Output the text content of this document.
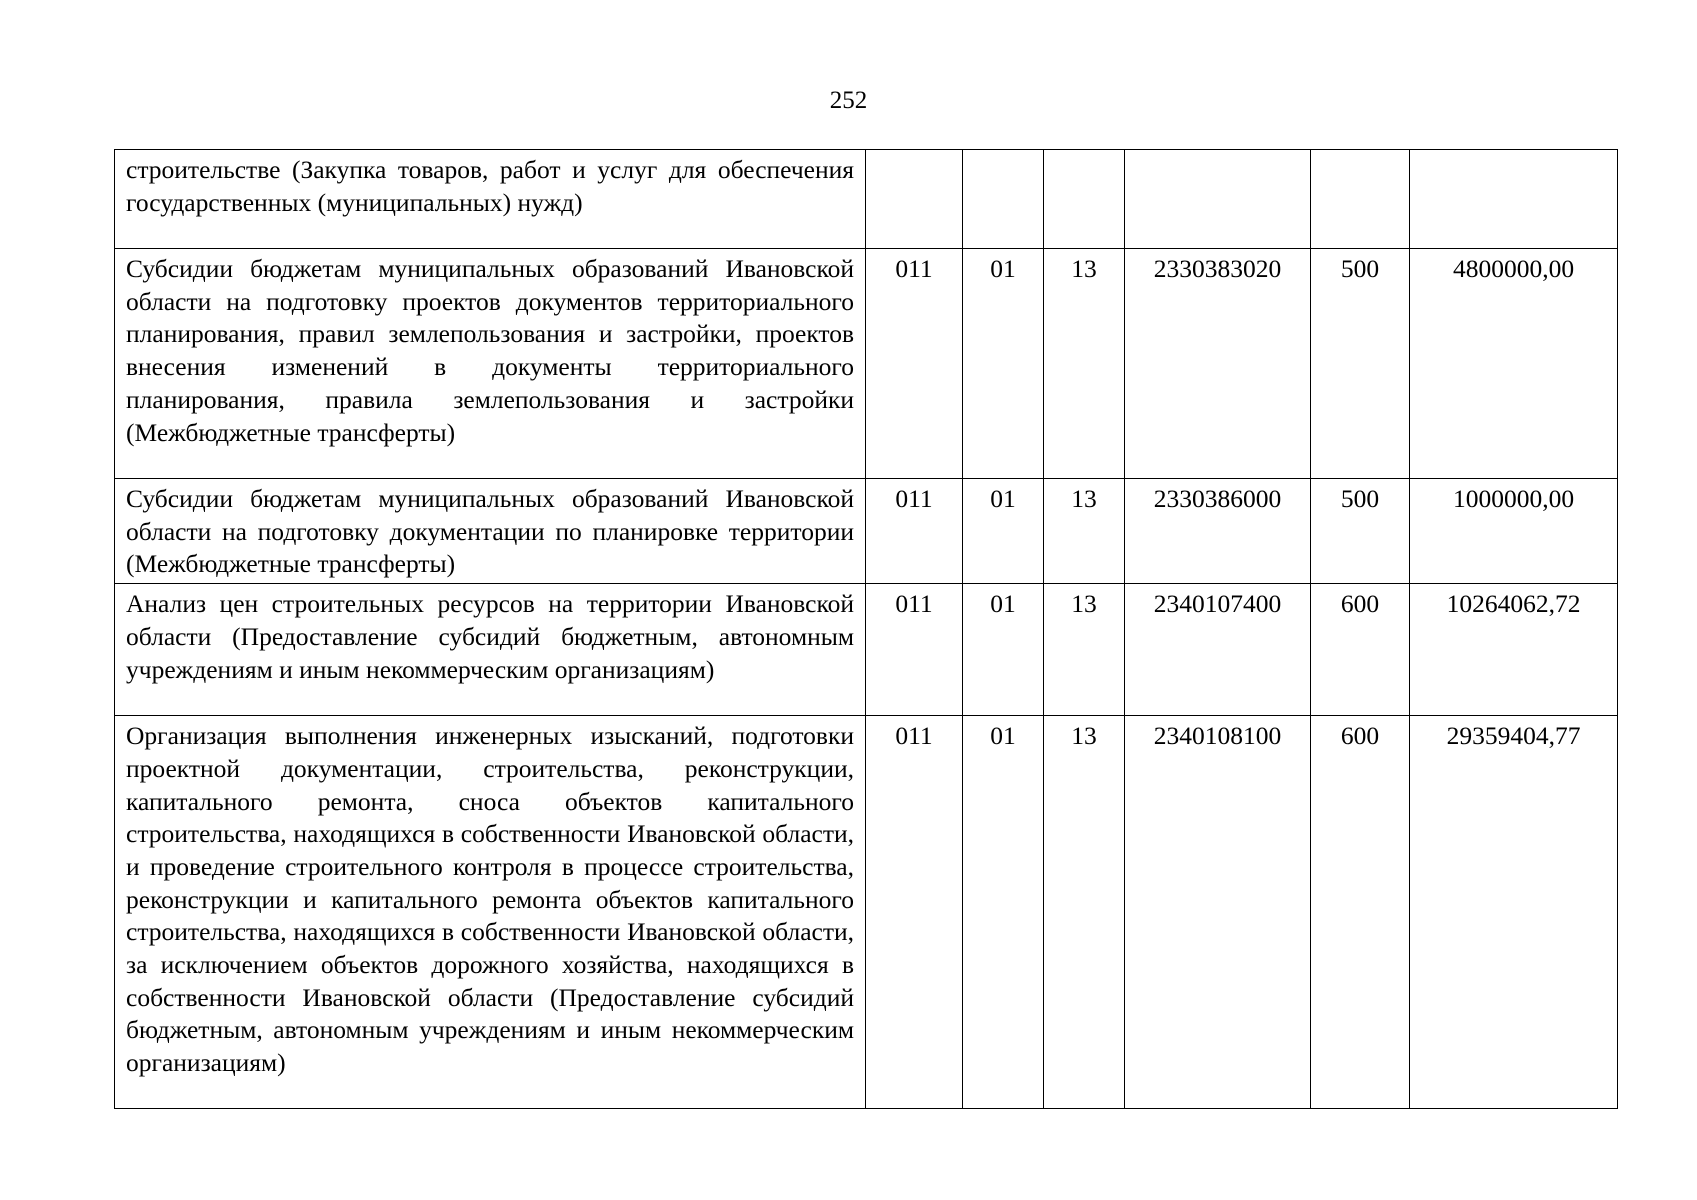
252
строительстве (Закупка товаров, работ и услуг для обеспечения государственных (муниципальных) нужд)						
Субсидии бюджетам муниципальных образований Ивановской области на подготовку проектов документов территориального планирования, правил землепользования и застройки, проектов внесения изменений в документы территориального планирования, правила землепользования и застройки (Межбюджетные трансферты)	011	01	13	2330383020	500	4800000,00
Субсидии бюджетам муниципальных образований Ивановской области на подготовку документации по планировке территории (Межбюджетные трансферты)	011	01	13	2330386000	500	1000000,00
Анализ цен строительных ресурсов на территории Ивановской области (Предоставление субсидий бюджетным, автономным учреждениям и иным некоммерческим организациям)	011	01	13	2340107400	600	10264062,72
Организация выполнения инженерных изысканий, подготовки проектной документации, строительства, реконструкции, капитального ремонта, сноса объектов капитального строительства, находящихся в собственности Ивановской области, и проведение строительного контроля в процессе строительства, реконструкции и капитального ремонта объектов капитального строительства, находящихся в собственности Ивановской области, за исключением объектов дорожного хозяйства, находящихся в собственности Ивановской области (Предоставление субсидий бюджетным, автономным учреждениям и иным некоммерческим организациям)	011	01	13	2340108100	600	29359404,77
